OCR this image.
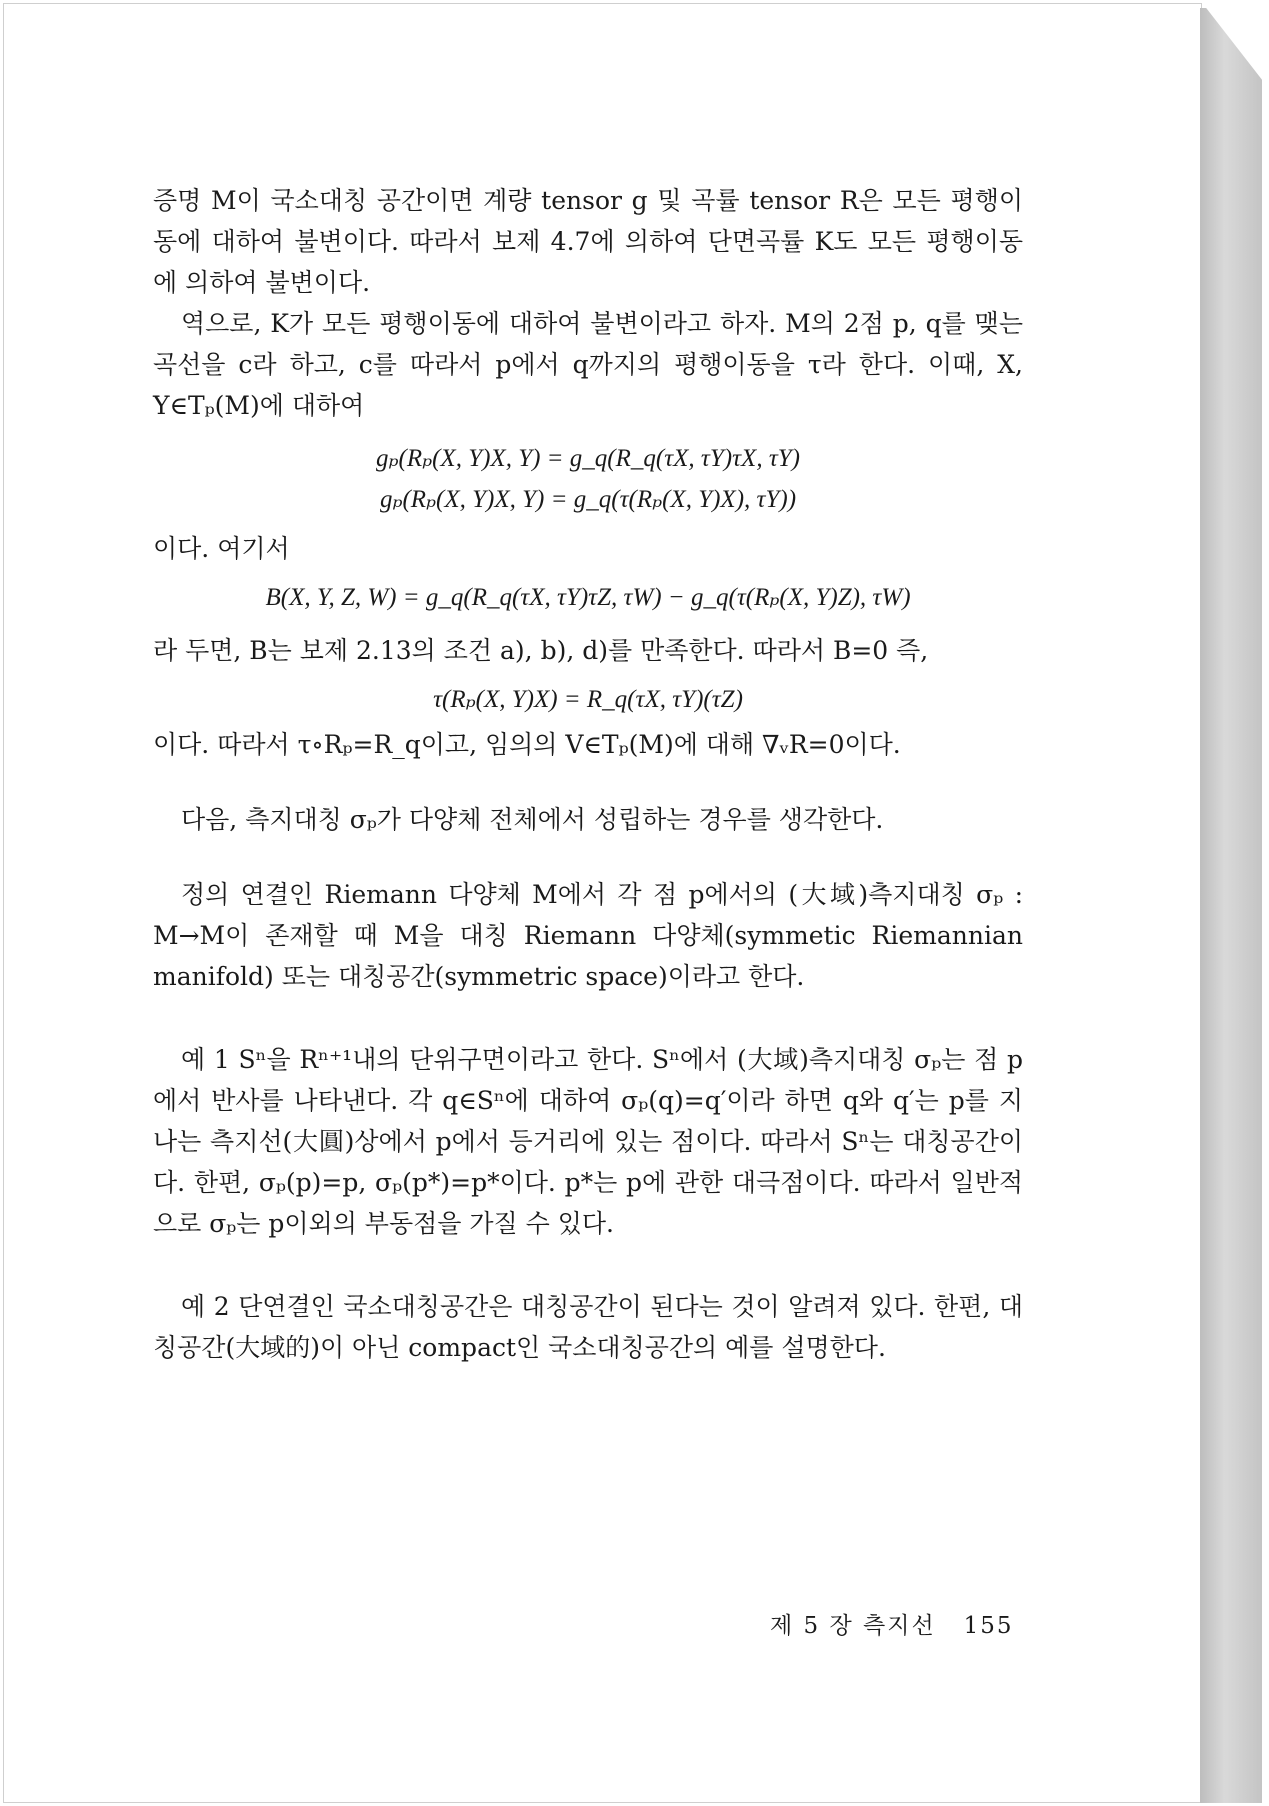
증명 M이 국소대칭 공간이면 계량 tensor g 및 곡률 tensor R은 모든 평행이동에 대하여 불변이다. 따라서 보제 4.7에 의하여 단면곡률 K도 모든 평행이동에 의하여 불변이다.

역으로, K가 모든 평행이동에 대하여 불변이라고 하자. M의 2점 p, q를 맺는 곡선을 c라 하고, c를 따라서 p에서 q까지의 평행이동을 τ라 한다. 이때, X, Y∈Tₚ(M)에 대하여

gₚ(Rₚ(X, Y)X, Y) = g_q(R_q(τX, τY)τX, τY)

gₚ(Rₚ(X, Y)X, Y) = g_q(τ(Rₚ(X, Y)X), τY))

이다. 여기서

B(X, Y, Z, W) = g_q(R_q(τX, τY)τZ, τW) − g_q(τ(Rₚ(X, Y)Z), τW)

라 두면, B는 보제 2.13의 조건 a), b), d)를 만족한다. 따라서 B=0 즉,

τ(Rₚ(X, Y)X) = R_q(τX, τY)(τZ)

이다. 따라서 τ∘Rₚ=R_q이고, 임의의 V∈Tₚ(M)에 대해 ∇ᵥR=0이다.

다음, 측지대칭 σₚ가 다양체 전체에서 성립하는 경우를 생각한다.

정의 연결인 Riemann 다양체 M에서 각 점 p에서의 (大域)측지대칭 σₚ : M→M이 존재할 때 M을 대칭 Riemann 다양체(symmetic Riemannian manifold) 또는 대칭공간(symmetric space)이라고 한다.

예 1 Sⁿ을 Rⁿ⁺¹내의 단위구면이라고 한다. Sⁿ에서 (大域)측지대칭 σₚ는 점 p에서 반사를 나타낸다. 각 q∈Sⁿ에 대하여 σₚ(q)=q′이라 하면 q와 q′는 p를 지나는 측지선(大圓)상에서 p에서 등거리에 있는 점이다. 따라서 Sⁿ는 대칭공간이다. 한편, σₚ(p)=p, σₚ(p*)=p*이다. p*는 p에 관한 대극점이다. 따라서 일반적으로 σₚ는 p이외의 부동점을 가질 수 있다.

예 2 단연결인 국소대칭공간은 대칭공간이 된다는 것이 알려져 있다. 한편, 대칭공간(大域的)이 아닌 compact인 국소대칭공간의 예를 설명한다.

제 5 장 측지선 155
